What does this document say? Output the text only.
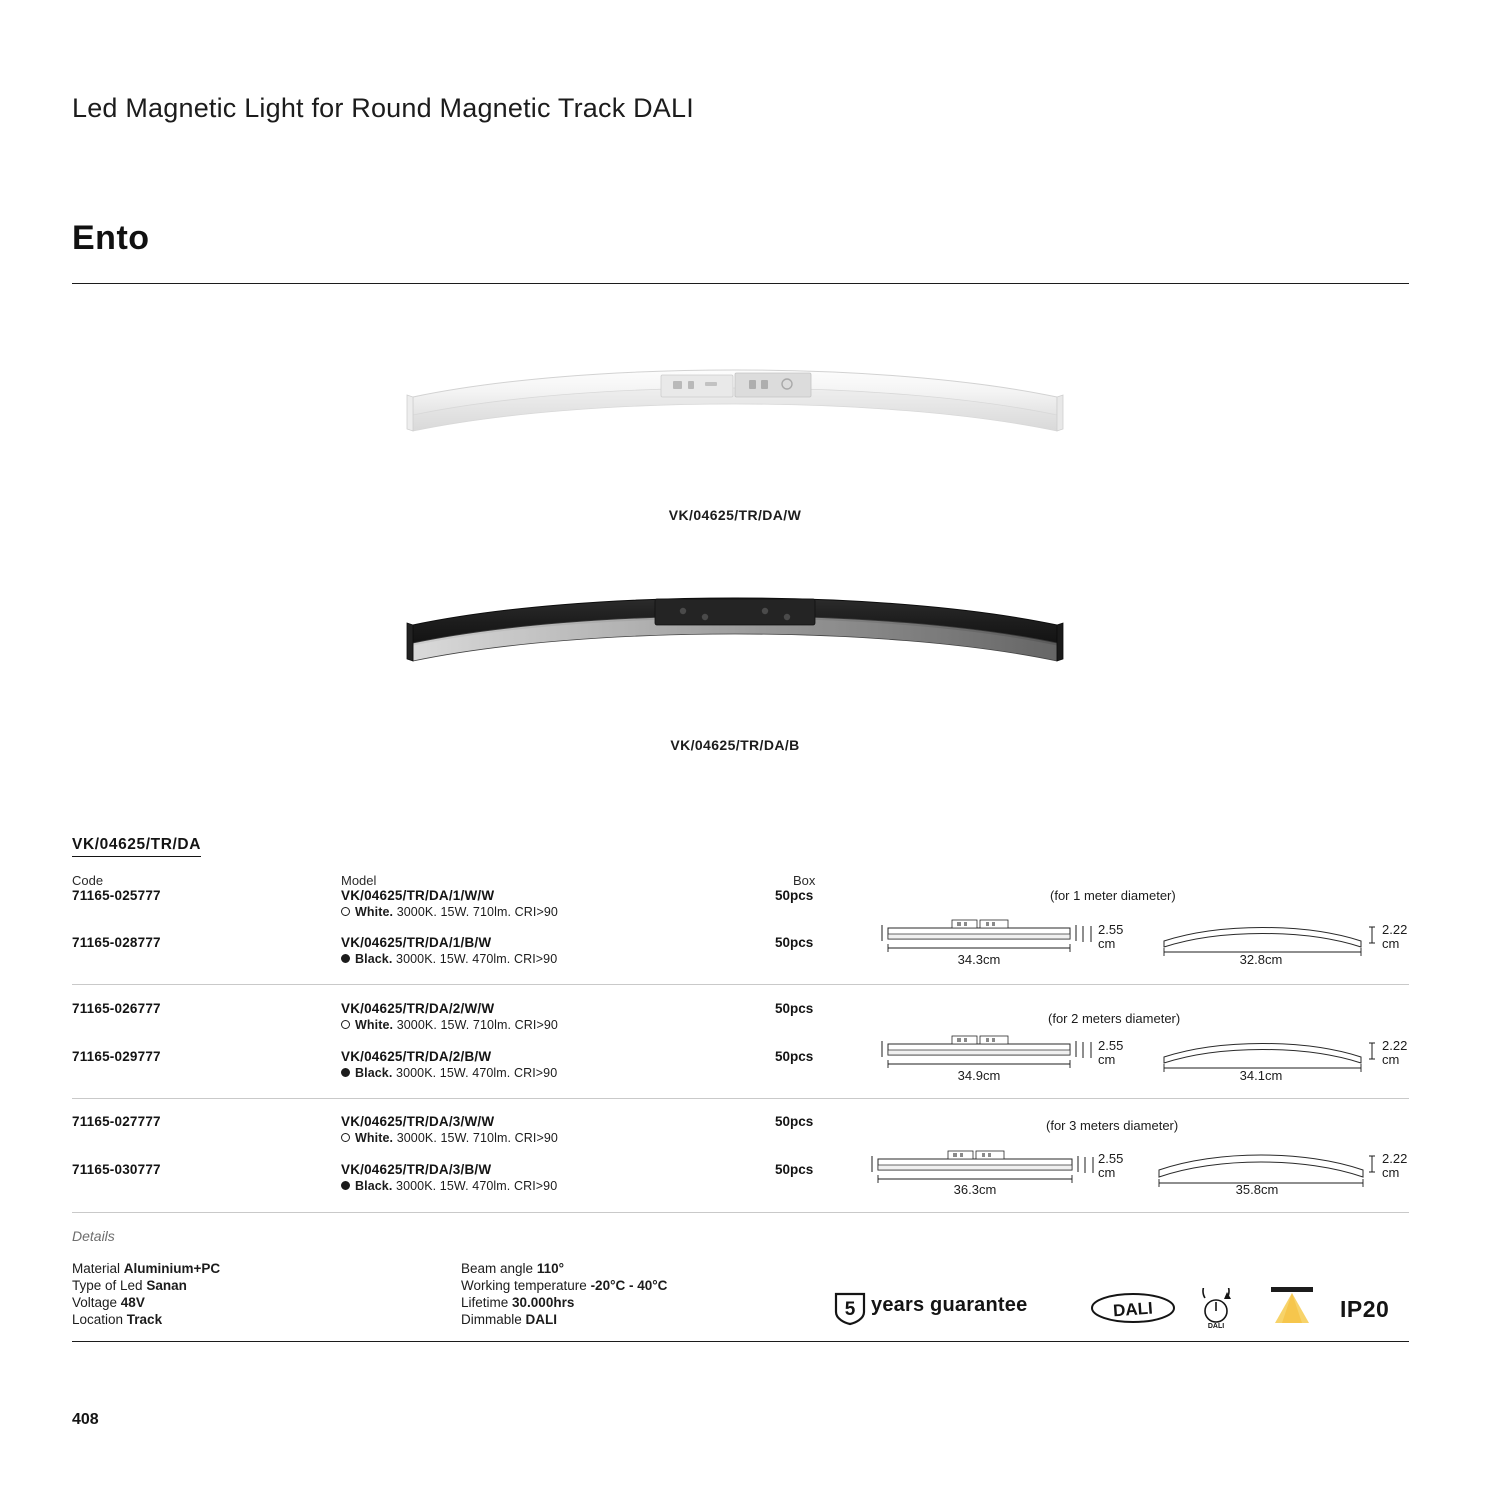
Led Magnetic Light for Round Magnetic Track DALI
Ento
VK/04625/TR/DA/W
VK/04625/TR/DA/B
VK/04625/TR/DA
Code	Model	Box
71165-025777	VK/04625/TR/DA/1/W/W	50pcs
White. 3000K. 15W. 710lm. CRI>90
71165-028777	VK/04625/TR/DA/1/B/W	50pcs
Black. 3000K. 15W. 470lm. CRI>90
(for 1 meter diameter)
2.55
cm
34.3cm
2.22
cm
32.8cm
71165-026777	VK/04625/TR/DA/2/W/W	50pcs
White. 3000K. 15W. 710lm. CRI>90
71165-029777	VK/04625/TR/DA/2/B/W	50pcs
Black. 3000K. 15W. 470lm. CRI>90
(for 2 meters diameter)
2.55
cm
34.9cm
2.22
cm
34.1cm
71165-027777	VK/04625/TR/DA/3/W/W	50pcs
White. 3000K. 15W. 710lm. CRI>90
71165-030777	VK/04625/TR/DA/3/B/W	50pcs
Black. 3000K. 15W. 470lm. CRI>90
(for 3 meters diameter)
2.55
cm
36.3cm
2.22
cm
35.8cm
Details
Material Aluminium+PC
Type of Led Sanan
Voltage 48V
Location Track
Beam angle 110°
Working temperature -20°C - 40°C
Lifetime 30.000hrs
Dimmable DALI	5 years guarantee	DALI
DALI
IP20
408
